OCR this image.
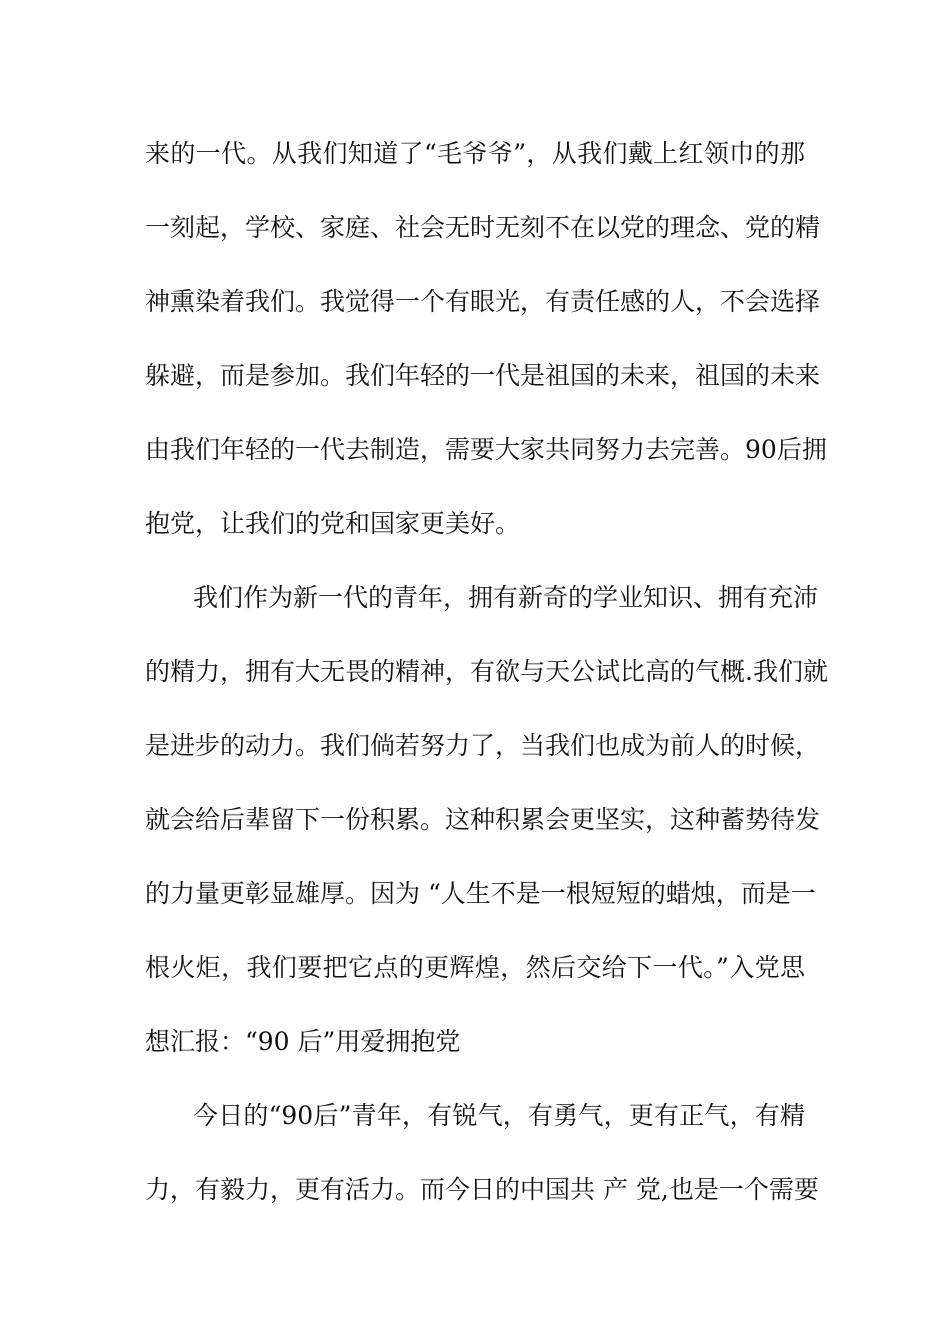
来的一代。从我们知道了“毛爷爷”，从我们戴上红领巾的那
一刻起，学校、家庭、社会无时无刻不在以党的理念、党的精
神熏染着我们。我觉得一个有眼光，有责任感的人，不会选择
躲避，而是参加。我们年轻的一代是祖国的未来，祖国的未来
由我们年轻的一代去制造，需要大家共同努力去完善。90后拥
抱党，让我们的党和国家更美好。
我们作为新一代的青年，拥有新奇的学业知识、拥有充沛
的精力，拥有大无畏的精神，有欲与天公试比高的气概.我们就
是进步的动力。我们倘若努力了，当我们也成为前人的时候，
就会给后辈留下一份积累。这种积累会更坚实，这种蓄势待发
的力量更彰显雄厚。因为 “人生不是一根短短的蜡烛，而是一
根火炬，我们要把它点的更辉煌，然后交给下一代。”入党思
想汇报：“90 后”用爱拥抱党
今日的“90后”青年，有锐气，有勇气，更有正气，有精
力，有毅力，更有活力。而今日的中国共 产 党,也是一个需要
